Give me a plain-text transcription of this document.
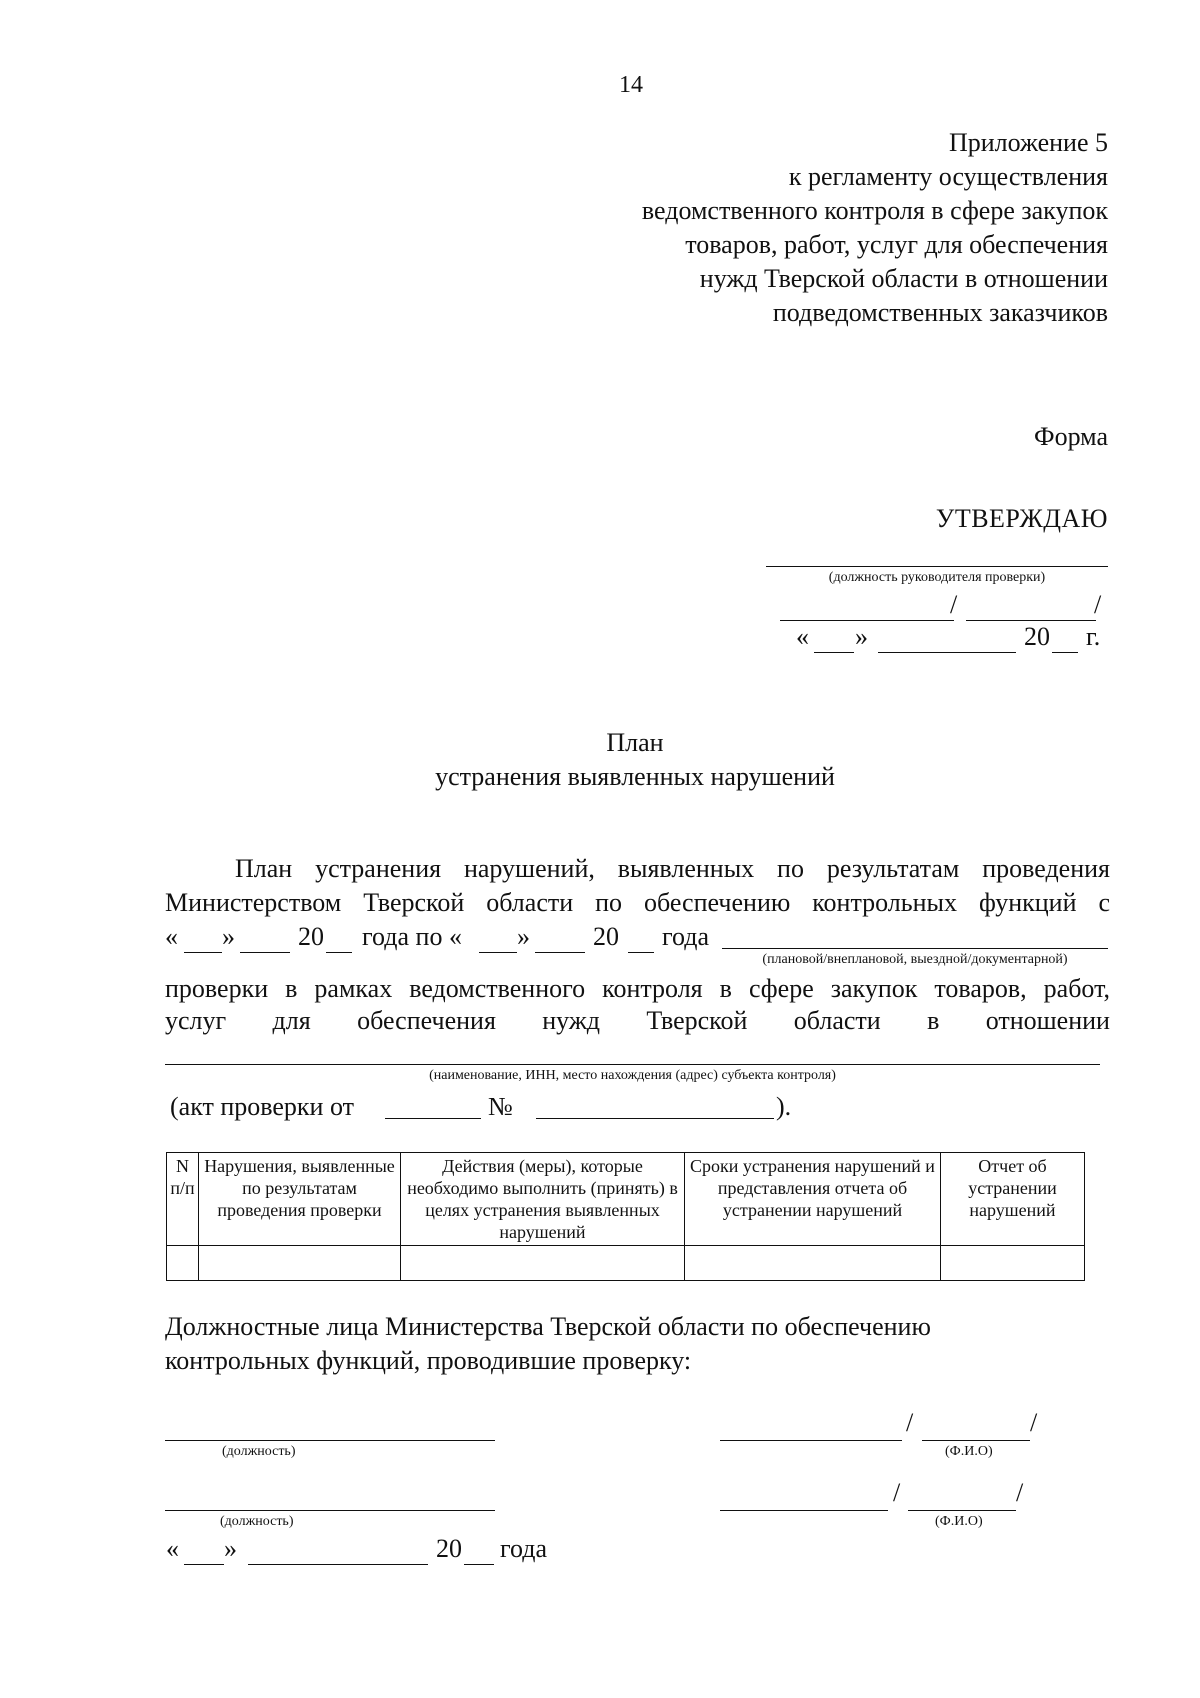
14
Приложение 5
к регламенту осуществления
ведомственного контроля в сфере закупок
товаров, работ, услуг для обеспечения
нужд Тверской области в отношении
подведомственных заказчиков
Форма
УТВЕРЖДАЮ
(должность руководителя проверки)
/	/
« »	20 г.
План
устранения выявленных нарушений
План устранения нарушений, выявленных по результатам проведения
Министерством Тверской области по обеспечению контрольных функций с
« » 20 года по « » 20 года
(плановой/внеплановой, выездной/документарной)
проверки в рамках ведомственного контроля в сфере закупок товаров, работ,
услуг для обеспечения нужд Тверской области в отношении
(наименование, ИНН, место нахождения (адрес) субъекта контроля)
(акт проверки от	№	).
N п/п	Нарушения, выявленные по результатам проведения проверки	Действия (меры), которые необходимо выполнить (принять) в целях устранения выявленных нарушений	Сроки устранения нарушений и представления отчета об устранении нарушений	Отчет об устранении нарушений

Должностные лица Министерства Тверской области по обеспечению
контрольных функций, проводившие проверку:
(должность)
/	/
(Ф.И.О)
(должность)
/	/
(Ф.И.О)
« »	20 года
